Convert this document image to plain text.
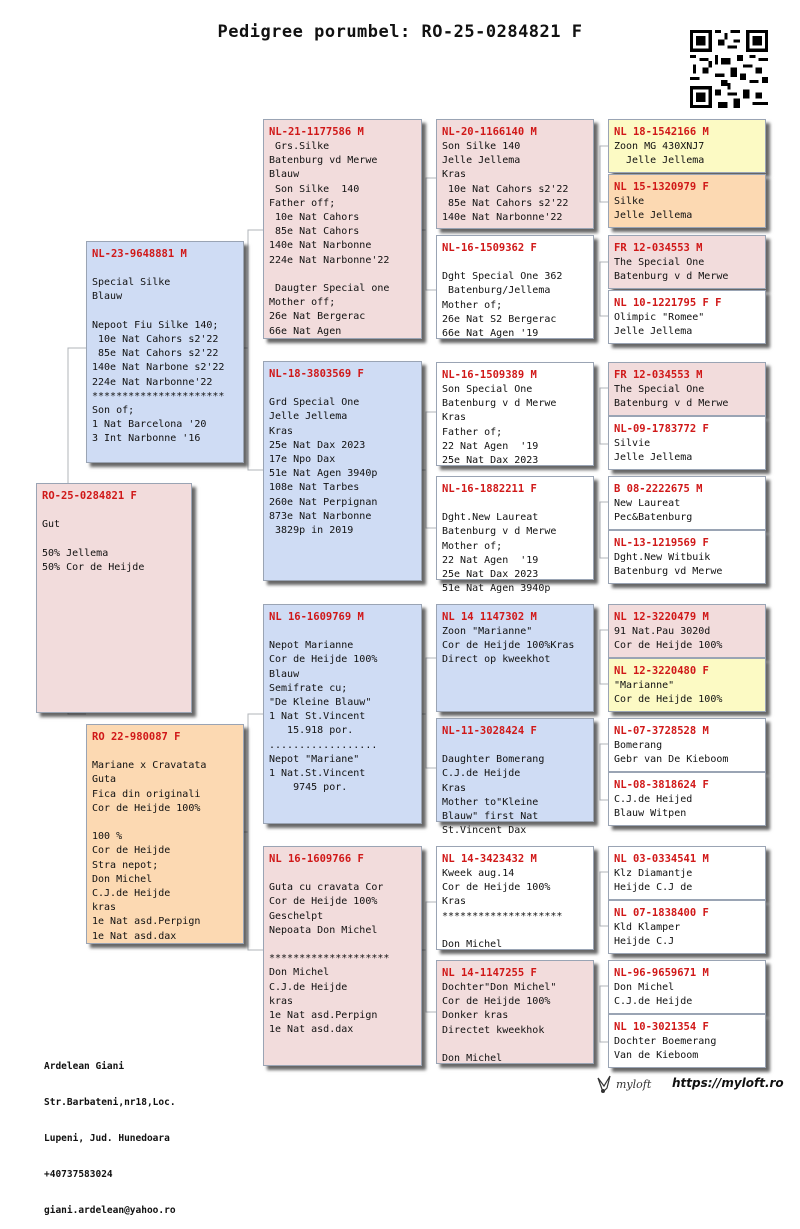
Pedigree porumbel: RO-25-0284821 F
RO-25-0284821 F
Gut
50% Jellema
50% Cor de Heijde
NL-23-9648881 M
Special Silke
Blauw
Nepoot Fiu Silke 140;
10e Nat Cahors s2'22
85e Nat Cahors s2'22
140e Nat Narbone s2'22
224e Nat Narbonne'22
**********************
Son of;
1 Nat Barcelona '20
3 Int Narbonne '16
RO 22-980087 F
Mariane x Cravatata
Guta
Fica din originali
Cor de Heijde 100%
100 %
Cor de Heijde
Stra nepot;
Don Michel
C.J.de Heijde
kras
1e Nat asd.Perpign
1e Nat asd.dax
NL-21-1177586 M
Grs.Silke
Batenburg vd Merwe
Blauw
Son Silke  140
Father off;
10e Nat Cahors
85e Nat Cahors
140e Nat Narbonne
224e Nat Narbonne'22
Daugter Special one
Mother off;
26e Nat Bergerac
66e Nat Agen
NL-18-3803569 F
Grd Special One
Jelle Jellema
Kras
25e Nat Dax 2023
17e Npo Dax
51e Nat Agen 3940p
108e Nat Tarbes
260e Nat Perpignan
873e Nat Narbonne
3829p in 2019
NL 16-1609769 M
Nepot Marianne
Cor de Heijde 100%
Blauw
Semifrate cu;
"De Kleine Blauw"
1 Nat St.Vincent
15.918 por.
..................
Nepot "Mariane"
1 Nat.St.Vincent
9745 por.
NL 16-1609766 F
Guta cu cravata Cor
Cor de Heijde 100%
Geschelpt
Nepoata Don Michel
********************
Don Michel
C.J.de Heijde
kras
1e Nat asd.Perpign
1e Nat asd.dax
NL-20-1166140 M
Son Silke 140
Jelle Jellema
Kras
10e Nat Cahors s2'22
85e Nat Cahors s2'22
140e Nat Narbonne'22
NL-16-1509362 F
Dght Special One 362
Batenburg/Jellema
Mother of;
26e Nat S2 Bergerac
66e Nat Agen '19
NL-16-1509389 M
Son Special One
Batenburg v d Merwe
Kras
Father of;
22 Nat Agen  '19
25e Nat Dax 2023
NL-16-1882211 F
Dght.New Laureat
Batenburg v d Merwe
Mother of;
22 Nat Agen  '19
25e Nat Dax 2023
51e Nat Agen 3940p
NL 14 1147302 M
Zoon "Marianne"
Cor de Heijde 100%Kras
Direct op kweekhot
NL-11-3028424 F
Daughter Bomerang
C.J.de Heijde
Kras
Mother to"Kleine
Blauw" first Nat
St.Vincent Dax
NL 14-3423432 M
Kweek aug.14
Cor de Heijde 100%
Kras
********************
Don Michel
NL 14-1147255 F
Dochter"Don Michel"
Cor de Heijde 100%
Donker kras
Directet kweekhok
Don Michel
NL 18-1542166 M
Zoon MG 430XNJ7
Jelle Jellema
NL 15-1320979 F
Silke
Jelle Jellema
FR 12-034553 M
The Special One
Batenburg v d Merwe
NL 10-1221795 F F
Olimpic "Romee"
Jelle Jellema
FR 12-034553 M
The Special One
Batenburg v d Merwe
NL-09-1783772 F
Silvie
Jelle Jellema
B 08-2222675 M
New Laureat
Pec&Batenburg
NL-13-1219569 F
Dght.New Witbuik
Batenburg vd Merwe
NL 12-3220479 M
91 Nat.Pau 3020d
Cor de Heijde 100%
NL 12-3220480 F
"Marianne"
Cor de Heijde 100%
NL-07-3728528 M
Bomerang
Gebr van De Kieboom
NL-08-3818624 F
C.J.de Heijed
Blauw Witpen
NL 03-0334541 M
Klz Diamantje
Heijde C.J de
NL 07-1838400 F
Kld Klamper
Heijde C.J
NL-96-9659671 M
Don Michel
C.J.de Heijde
NL 10-3021354 F
Dochter Boemerang
Van de Kieboom

Ardelean Giani

Str.Barbateni,nr18,Loc.

Lupeni, Jud. Hunedoara

+40737583024

giani.ardelean@yahoo.ro

myloft https://myloft.ro
